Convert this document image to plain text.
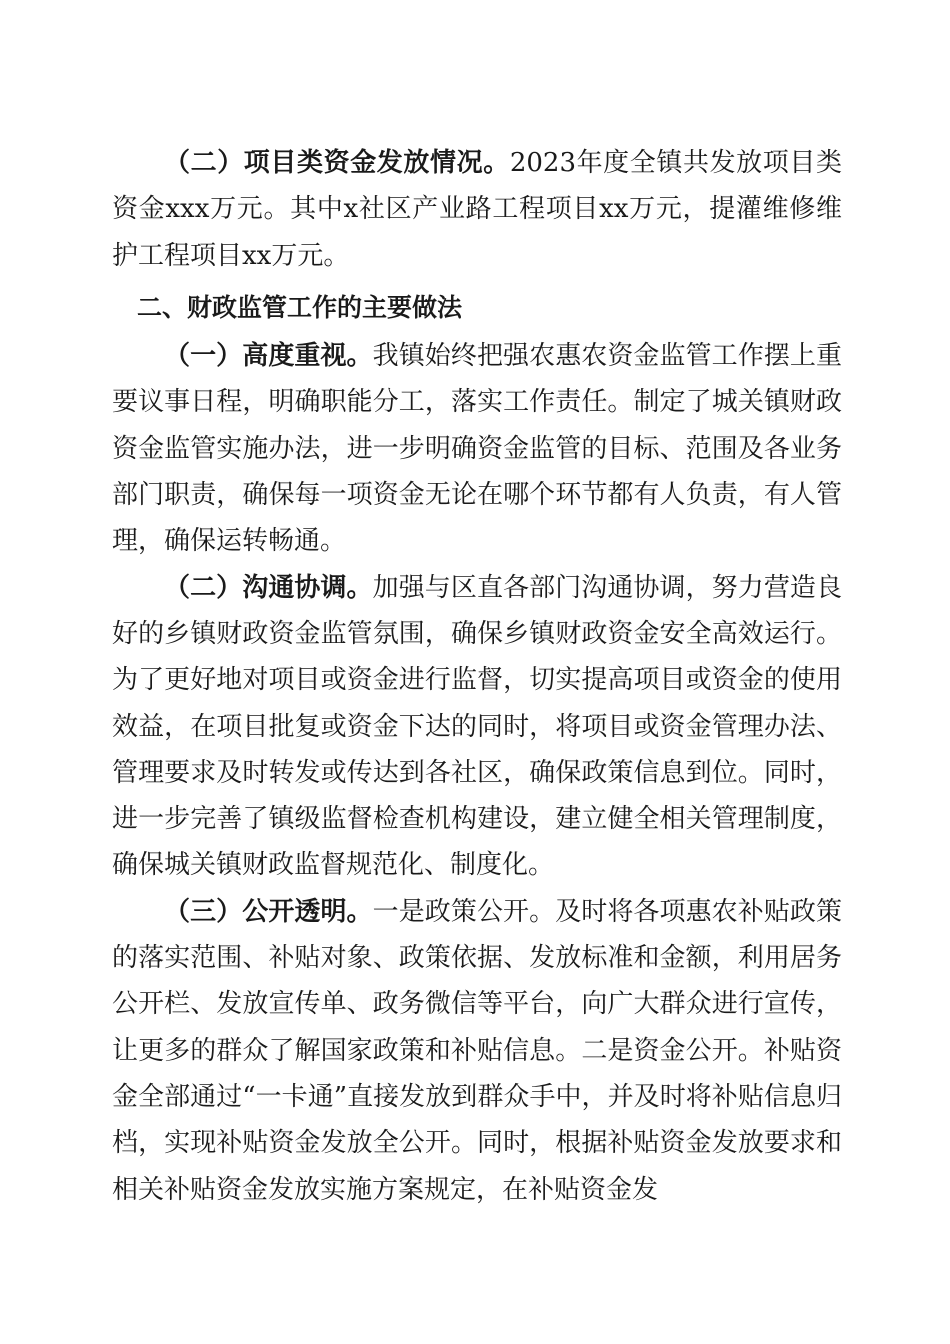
（二）项目类资金发放情况。2023年度全镇共发放项目类资金xxx万元。其中x社区产业路工程项目xx万元，提灌维修维护工程项目xx万元。

二、财政监管工作的主要做法

（一）高度重视。我镇始终把强农惠农资金监管工作摆上重要议事日程，明确职能分工，落实工作责任。制定了城关镇财政资金监管实施办法，进一步明确资金监管的目标、范围及各业务部门职责，确保每一项资金无论在哪个环节都有人负责，有人管理，确保运转畅通。

（二）沟通协调。加强与区直各部门沟通协调，努力营造良好的乡镇财政资金监管氛围，确保乡镇财政资金安全高效运行。为了更好地对项目或资金进行监督，切实提高项目或资金的使用效益，在项目批复或资金下达的同时，将项目或资金管理办法、管理要求及时转发或传达到各社区，确保政策信息到位。同时，进一步完善了镇级监督检查机构建设，建立健全相关管理制度，确保城关镇财政监督规范化、制度化。

（三）公开透明。一是政策公开。及时将各项惠农补贴政策的落实范围、补贴对象、政策依据、发放标准和金额，利用居务公开栏、发放宣传单、政务微信等平台，向广大群众进行宣传，让更多的群众了解国家政策和补贴信息。二是资金公开。补贴资金全部通过“一卡通”直接发放到群众手中，并及时将补贴信息归档，实现补贴资金发放全公开。同时，根据补贴资金发放要求和相关补贴资金发放实施方案规定，在补贴资金发
